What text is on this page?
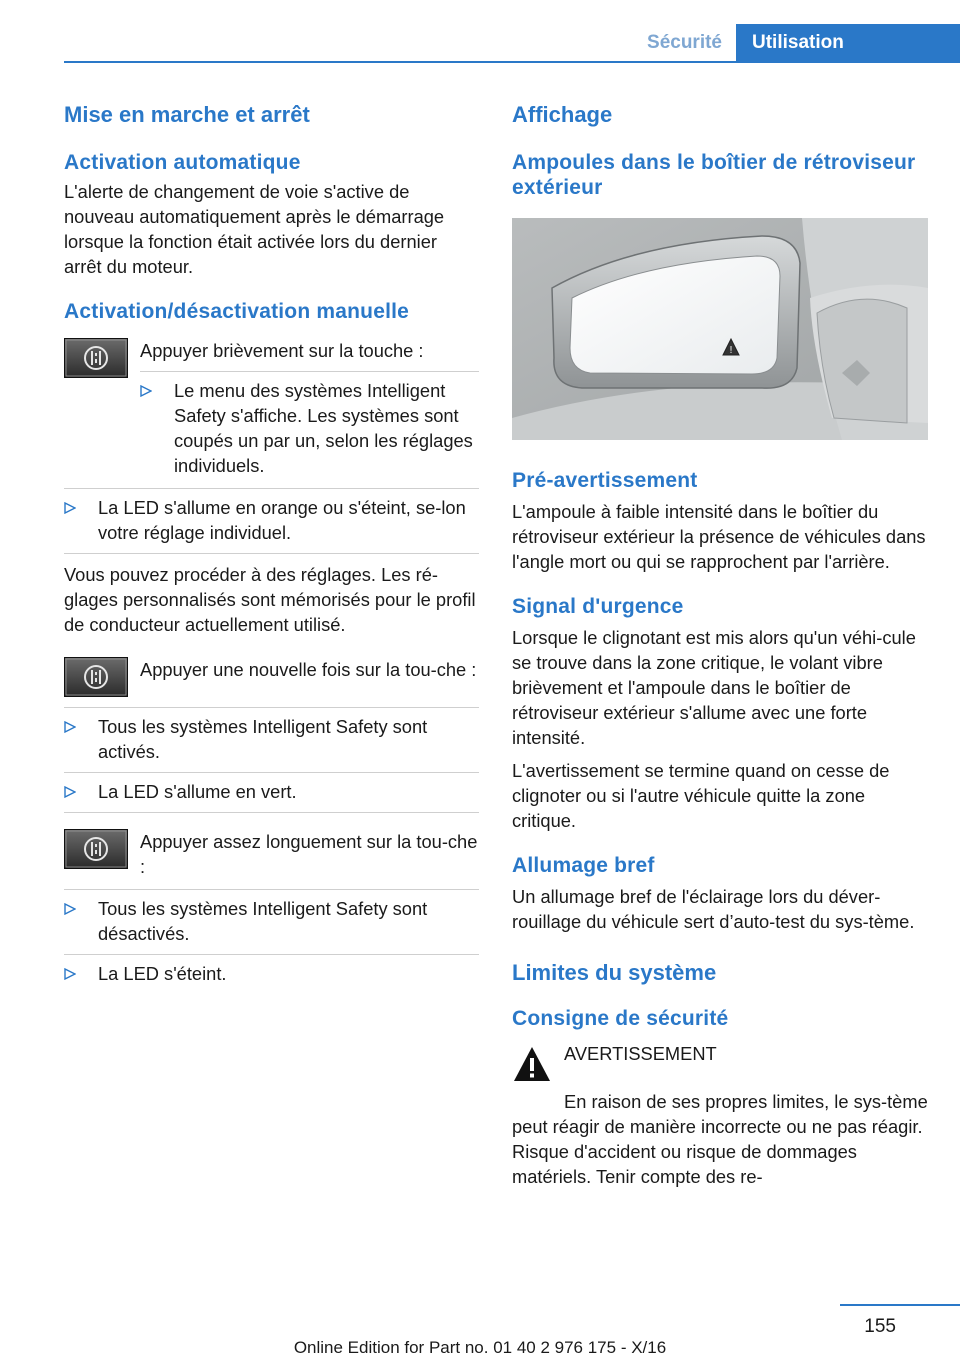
Sécurité	Utilisation
Mise en marche et arrêt
Activation automatique

L'alerte de changement de voie s'active de nouveau automatiquement après le démarrage lorsque la fonction était activée lors du dernier arrêt du moteur.

Activation/désactivation manuelle

Appuyer brièvement sur la touche :

Le menu des systèmes Intelligent Safety s'affiche. Les systèmes sont coupés un par un, selon les réglages individuels.
La LED s'allume en orange ou s'éteint, se-lon votre réglage individuel.

Vous pouvez procéder à des réglages. Les ré-glages personnalisés sont mémorisés pour le profil de conducteur actuellement utilisé.

Appuyer une nouvelle fois sur la tou-che :

Tous les systèmes Intelligent Safety sont activés.
La LED s'allume en vert.

Appuyer assez longuement sur la tou-che :

Tous les systèmes Intelligent Safety sont désactivés.
La LED s'éteint.
Affichage
Ampoules dans le boîtier de rétroviseur extérieur
!
Pré-avertissement

L'ampoule à faible intensité dans le boîtier du rétroviseur extérieur la présence de véhicules dans l'angle mort ou qui se rapprochent par l'arrière.

Signal d'urgence

Lorsque le clignotant est mis alors qu'un véhi-cule se trouve dans la zone critique, le volant vibre brièvement et l'ampoule dans le boîtier de rétroviseur extérieur s'allume avec une forte intensité.

L'avertissement se termine quand on cesse de clignoter ou si l'autre véhicule quitte la zone critique.

Allumage bref

Un allumage bref de l'éclairage lors du déver-rouillage du véhicule sert d’auto-test du sys-tème.

Limites du système
Consigne de sécurité

AVERTISSEMENT

En raison de ses propres limites, le sys-tème peut réagir de manière incorrecte ou ne pas réagir. Risque d'accident ou risque de dommages matériels. Tenir compte des re-

155
Online Edition for Part no. 01 40 2 976 175 - X/16
